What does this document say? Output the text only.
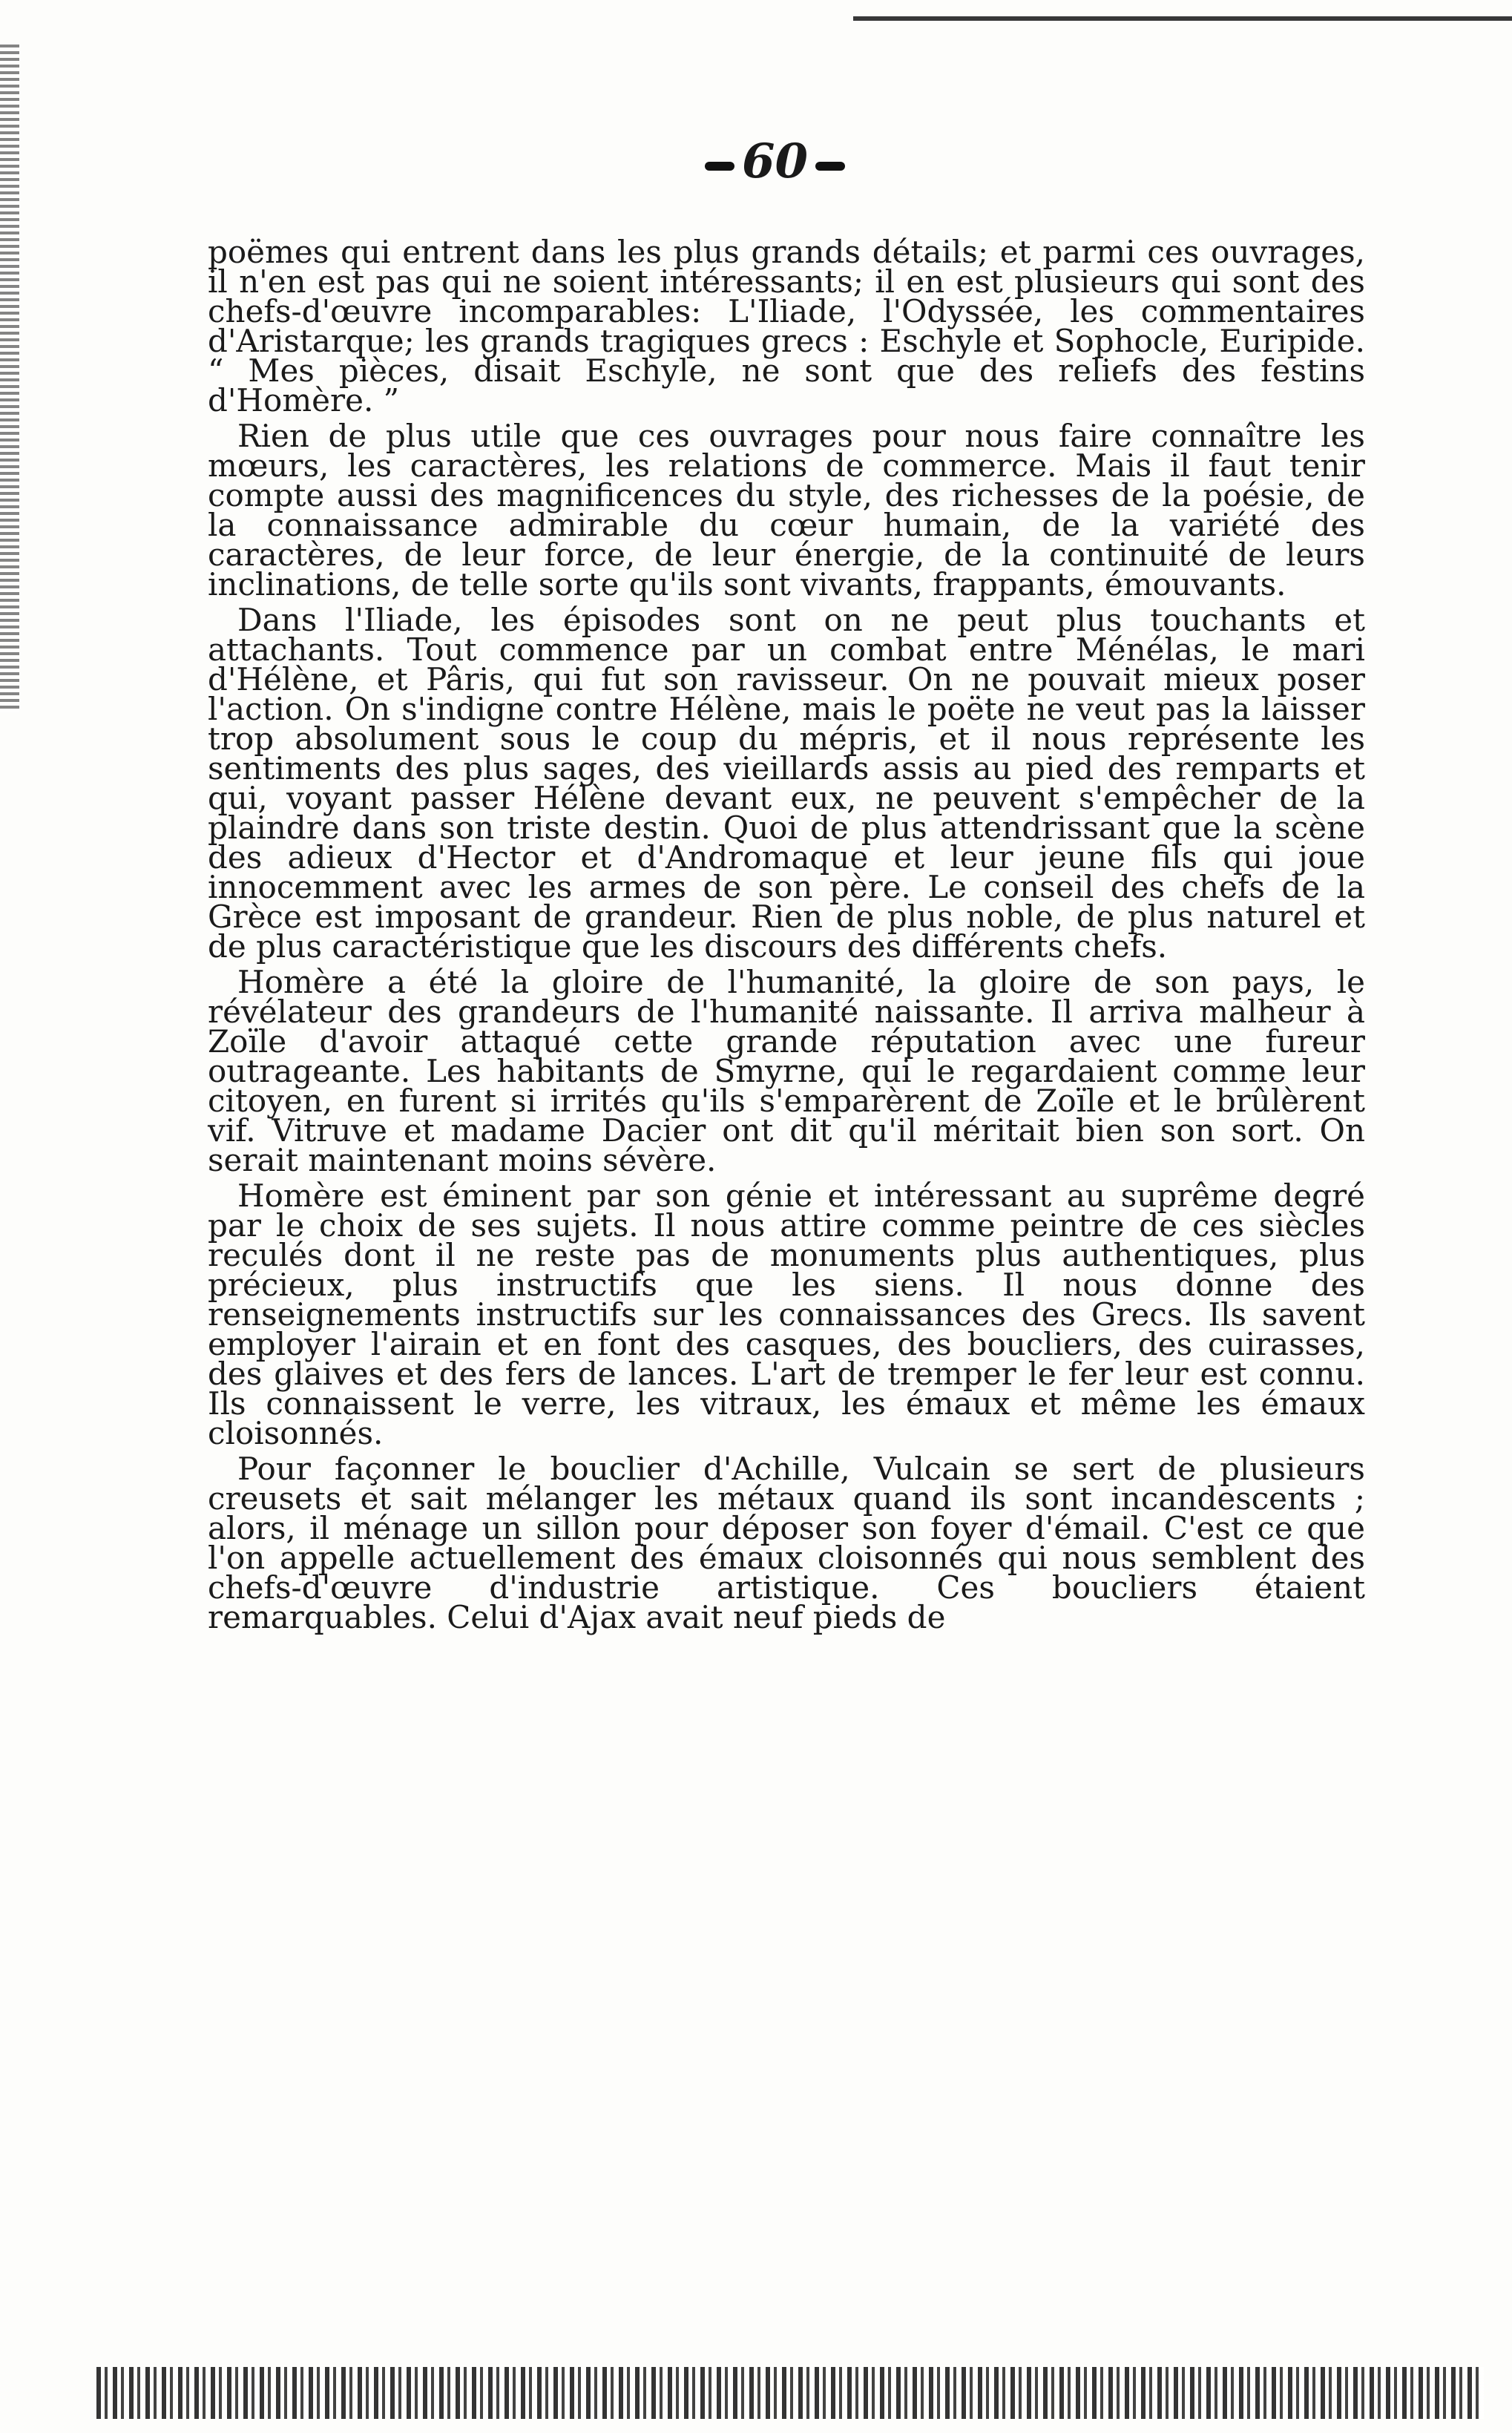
60

poëmes qui entrent dans les plus grands détails; et parmi ces ouvrages, il n'en est pas qui ne soient intéressants; il en est plusieurs qui sont des chefs-d'œuvre incomparables: L'Iliade, l'Odyssée, les commentaires d'Aristarque; les grands tragiques grecs : Eschyle et Sophocle, Euripide. “ Mes pièces, disait Eschyle, ne sont que des reliefs des festins d'Homère. ”

Rien de plus utile que ces ouvrages pour nous faire connaître les mœurs, les caractères, les relations de commerce. Mais il faut tenir compte aussi des magnificences du style, des richesses de la poésie, de la connaissance admirable du cœur humain, de la variété des caractères, de leur force, de leur énergie, de la continuité de leurs inclinations, de telle sorte qu'ils sont vivants, frappants, émouvants.

Dans l'Iliade, les épisodes sont on ne peut plus touchants et attachants. Tout commence par un combat entre Ménélas, le mari d'Hélène, et Pâris, qui fut son ravisseur. On ne pouvait mieux poser l'action. On s'indigne contre Hélène, mais le poëte ne veut pas la laisser trop absolument sous le coup du mépris, et il nous représente les sentiments des plus sages, des vieillards assis au pied des remparts et qui, voyant passer Hélène devant eux, ne peuvent s'empêcher de la plaindre dans son triste destin. Quoi de plus attendrissant que la scène des adieux d'Hector et d'Andromaque et leur jeune fils qui joue innocemment avec les armes de son père. Le conseil des chefs de la Grèce est imposant de grandeur. Rien de plus noble, de plus naturel et de plus caractéristique que les discours des différents chefs.

Homère a été la gloire de l'humanité, la gloire de son pays, le révélateur des grandeurs de l'humanité naissante. Il arriva malheur à Zoïle d'avoir attaqué cette grande réputation avec une fureur outrageante. Les habitants de Smyrne, qui le regardaient comme leur citoyen, en furent si irrités qu'ils s'emparèrent de Zoïle et le brûlèrent vif. Vitruve et madame Dacier ont dit qu'il méritait bien son sort. On serait maintenant moins sévère.

Homère est éminent par son génie et intéressant au suprême degré par le choix de ses sujets. Il nous attire comme peintre de ces siècles reculés dont il ne reste pas de monuments plus authentiques, plus précieux, plus instructifs que les siens. Il nous donne des renseignements instructifs sur les connaissances des Grecs. Ils savent employer l'airain et en font des casques, des boucliers, des cuirasses, des glaives et des fers de lances. L'art de tremper le fer leur est connu. Ils connaissent le verre, les vitraux, les émaux et même les émaux cloisonnés.

Pour façonner le bouclier d'Achille, Vulcain se sert de plusieurs creusets et sait mélanger les métaux quand ils sont incandescents ; alors, il ménage un sillon pour déposer son foyer d'émail. C'est ce que l'on appelle actuellement des émaux cloisonnés qui nous semblent des chefs-d'œuvre d'industrie artistique. Ces boucliers étaient remarquables. Celui d'Ajax avait neuf pieds de
